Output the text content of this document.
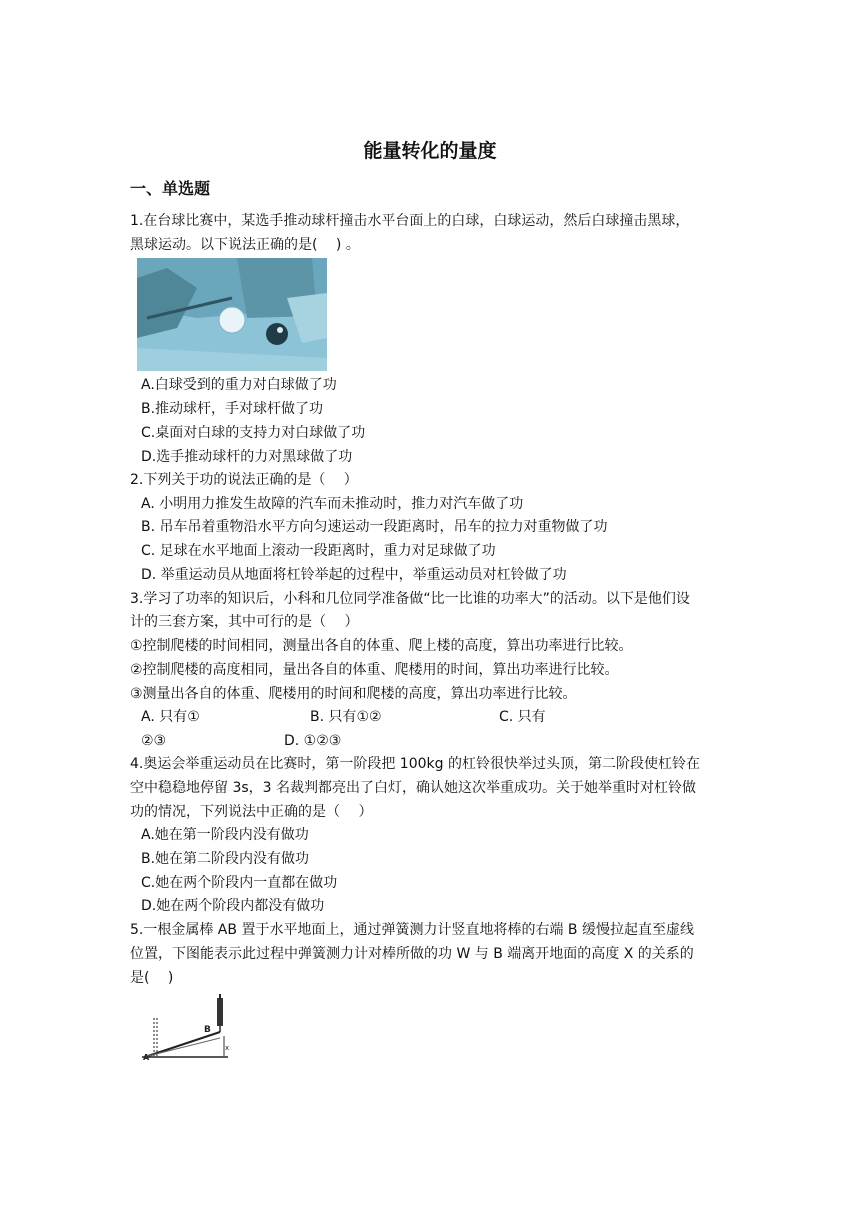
能量转化的量度
一、单选题
1.在台球比赛中，某选手推动球杆撞击水平台面上的白球，白球运动，然后白球撞击黑球，
黑球运动。以下说法正确的是(　 ) 。
A.白球受到的重力对白球做了功
B.推动球杆，手对球杆做了功
C.桌面对白球的支持力对白球做了功
D.选手推动球杆的力对黑球做了功
2.下列关于功的说法正确的是（　 ）
A. 小明用力推发生故障的汽车而未推动时，推力对汽车做了功
B. 吊车吊着重物沿水平方向匀速运动一段距离时，吊车的拉力对重物做了功
C. 足球在水平地面上滚动一段距离时，重力对足球做了功
D. 举重运动员从地面将杠铃举起的过程中，举重运动员对杠铃做了功
3.学习了功率的知识后，小科和几位同学准备做“比一比谁的功率大”的活动。以下是他们设
计的三套方案，其中可行的是（　 ）
①控制爬楼的时间相同，测量出各自的体重、爬上楼的高度，算出功率进行比较。
②控制爬楼的高度相同，量出各自的体重、爬楼用的时间，算出功率进行比较。
③测量出各自的体重、爬楼用的时间和爬楼的高度，算出功率进行比较。
A. 只有①	B. 只有①②	C. 只有
②③	D. ①②③
4.奥运会举重运动员在比赛时，第一阶段把 100kg 的杠铃很快举过头顶，第二阶段使杠铃在
空中稳稳地停留 3s，3 名裁判都亮出了白灯，确认她这次举重成功。关于她举重时对杠铃做
功的情况，下列说法中正确的是（　 ）
A.她在第一阶段内没有做功
B.她在第二阶段内没有做功
C.她在两个阶段内一直都在做功
D.她在两个阶段内都没有做功
5.一根金属棒 AB 置于水平地面上，通过弹簧测力计竖直地将棒的右端 B 缓慢拉起直至虚线
位置，下图能表示此过程中弹簧测力计对棒所做的功 W 与 B 端离开地面的高度 X 的关系的
是(　 )
B
A
x
